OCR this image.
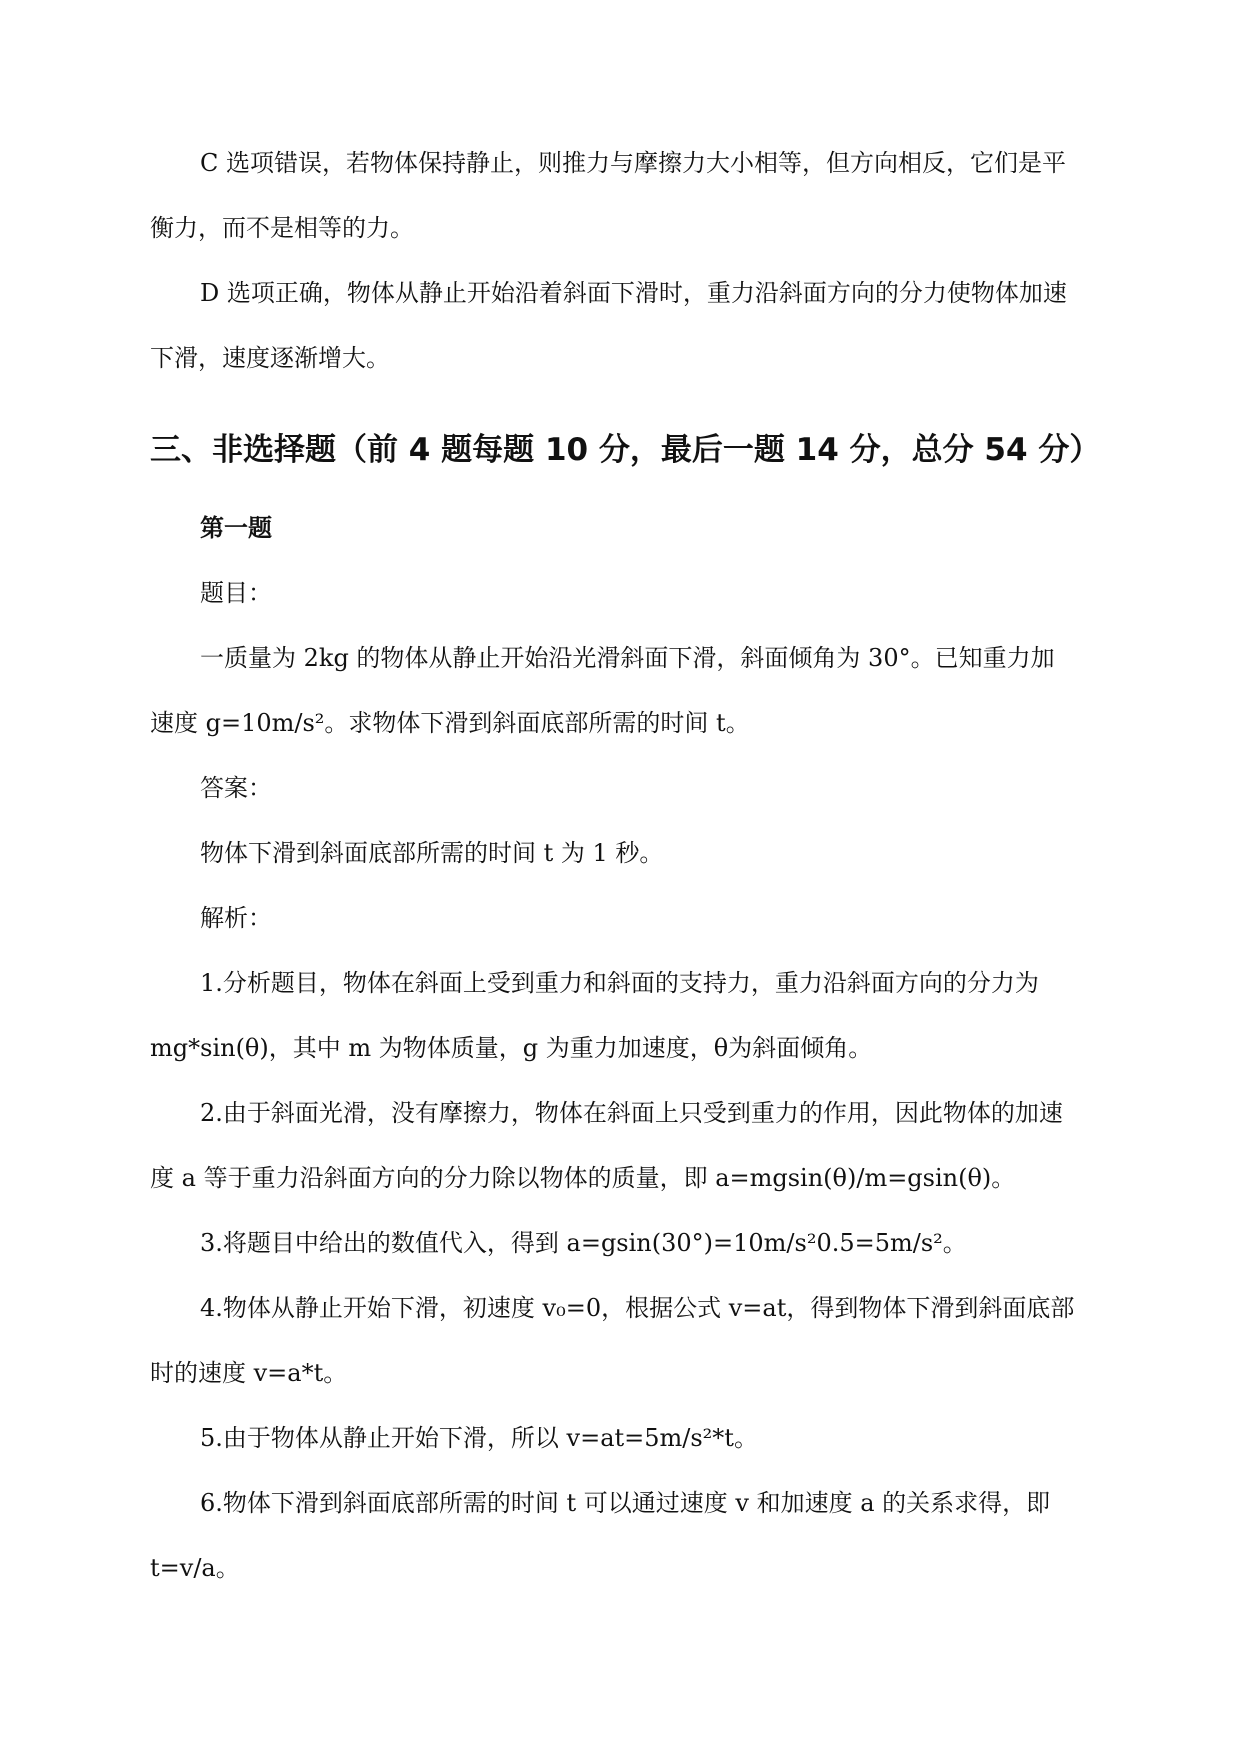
C 选项错误，若物体保持静止，则推力与摩擦力大小相等，但方向相反，它们是平
衡力，而不是相等的力。
D 选项正确，物体从静止开始沿着斜面下滑时，重力沿斜面方向的分力使物体加速
下滑，速度逐渐增大。
三、非选择题（前 4 题每题 10 分，最后一题 14 分，总分 54 分）
第一题
题目：
一质量为 2kg 的物体从静止开始沿光滑斜面下滑，斜面倾角为 30°。已知重力加
速度 g=10m/s²。求物体下滑到斜面底部所需的时间 t。
答案：
物体下滑到斜面底部所需的时间 t 为 1 秒。
解析：
1.分析题目，物体在斜面上受到重力和斜面的支持力，重力沿斜面方向的分力为
mg*sin(θ)，其中 m 为物体质量，g 为重力加速度，θ为斜面倾角。
2.由于斜面光滑，没有摩擦力，物体在斜面上只受到重力的作用，因此物体的加速
度 a 等于重力沿斜面方向的分力除以物体的质量，即 a=mgsin(θ)/m=gsin(θ)。
3.将题目中给出的数值代入，得到 a=gsin(30°)=10m/s²0.5=5m/s²。
4.物体从静止开始下滑，初速度 v₀=0，根据公式 v=at，得到物体下滑到斜面底部
时的速度 v=a*t。
5.由于物体从静止开始下滑，所以 v=at=5m/s²*t。
6.物体下滑到斜面底部所需的时间 t 可以通过速度 v 和加速度 a 的关系求得，即
t=v/a。
